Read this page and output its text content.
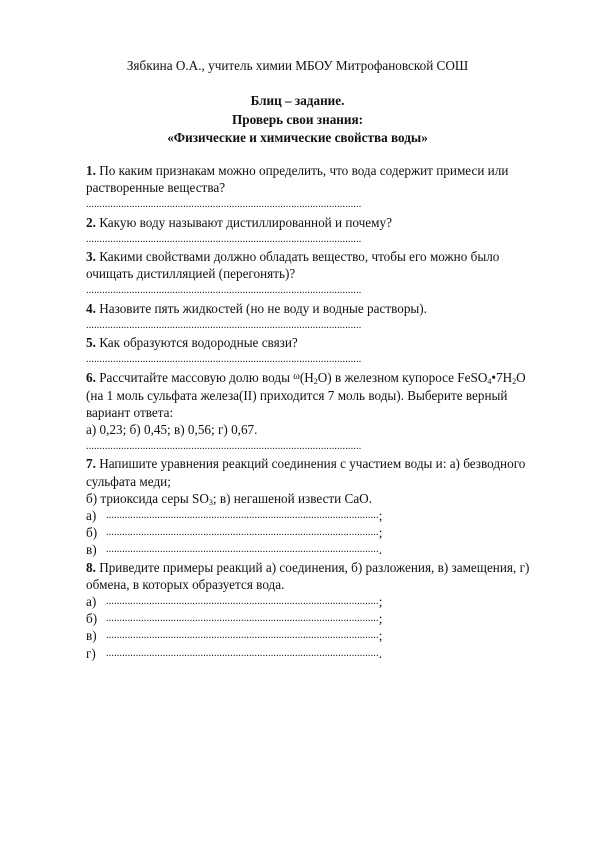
Зябкина О.А., учитель химии МБОУ Митрофановской СОШ
Блиц – задание.
Проверь свои знания:
«Физические и химические свойства воды»
1. По каким признакам можно определить, что вода содержит примеси или
растворенные вещества?
......................................................................................................
2. Какую воду называют дистиллированной и почему?
......................................................................................................
3. Какими свойствами должно обладать вещество, чтобы его можно было
очищать дистилляцией (перегонять)?
......................................................................................................
4. Назовите пять жидкостей (но не воду и водные растворы).
......................................................................................................
5. Как образуются водородные связи?
......................................................................................................
6. Рассчитайте массовую долю воды $^\omega(H_2O)$ в железном купоросе $FeSO_4•7H_2O$
(на 1 моль сульфата железа(II) приходится 7 моль воды). Выберите верный
вариант ответа:
а) 0,23; б) 0,45; в) 0,56; г) 0,67.
......................................................................................................
7. Напишите уравнения реакций соединения с участием воды и: а) безводного
сульфата меди;
б) триоксида серы $SO_3$; в) негашеной извести CaO.
а) ..................................................................................................... ;
б) ..................................................................................................... ;
в) ..................................................................................................... .
8. Приведите примеры реакций а) соединения, б) разложения, в) замещения, г)
обмена, в которых образуется вода.
а) ..................................................................................................... ;
б) ..................................................................................................... ;
в) ..................................................................................................... ;
г)	..................................................................................................... .
